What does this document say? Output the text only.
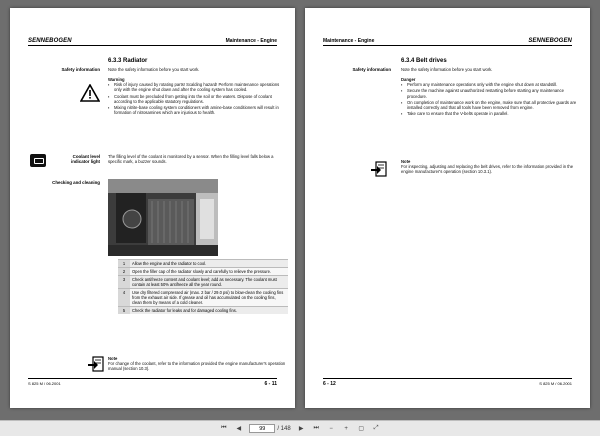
SENNEBOGEN	Maintenance - Engine
6.3.3 Radiator
Safety information Note the safety information before you start work.
Warning
▪ Risk of injury caused by rotating parts! Scalding hazard! Perform maintenance operations only with the engine shut down and after the cooling system has cooled.
▪ Coolant must be precluded from getting into the soil or the waters. Dispose of coolant according to the applicable statutory regulations.
▪ Mixing nitrite-base cooling system conditioners with amine-base conditioners will result in formation of nitrosamines which are injurious to health.
Coolant level
indicator light
The filling level of the coolant is monitored by a sensor. When the filling level falls below a specific mark, a buzzer sounds.
Checking and cleaning
1	Allow the engine and the radiator to cool.
2	Open the filler cap of the radiator slowly and carefully to relieve the pressure.
3	Check antifreeze content and coolant level; add as necessary. The coolant must contain at least 50% antifreeze all the year round.
4	Use dry filtered compressed air (max. 2 bar / 29.0 psi) to blow-clean the cooling fins from the exhaust air side. If grease and oil has accumulated on the cooling fins, clean them by means of a cold cleaner.
5	Check the radiator for leaks and for damaged cooling fins.
Note
For change of the coolant, refer to the information provided the engine manufacturer's operation manual (section 10.3).
S 825 M / 06.2001	6 - 11
Maintenance - Engine	SENNEBOGEN
6.3.4 Belt drives
Safety information Note the safety information before you start work.
Danger
▪ Perform any maintenance operations only with the engine shut down at standstill.
▪ Secure the machine against unauthorized restarting before starting any maintenance procedure.
▪ On completion of maintenance work on the engine, make sure that all protective guards are installed correctly and that all tools have been removed from engine.
▪ Take care to ensure that the V-belts operate in parallel.
Note
For inspecting, adjusting and replacing the belt drives, refer to the information provided in the engine manufacturer's operation (section 10.3.1).
6 - 12	S 825 M / 06.2001
⏮	◀
99	/ 148	▶	⏭	−	+	▢	⤢
